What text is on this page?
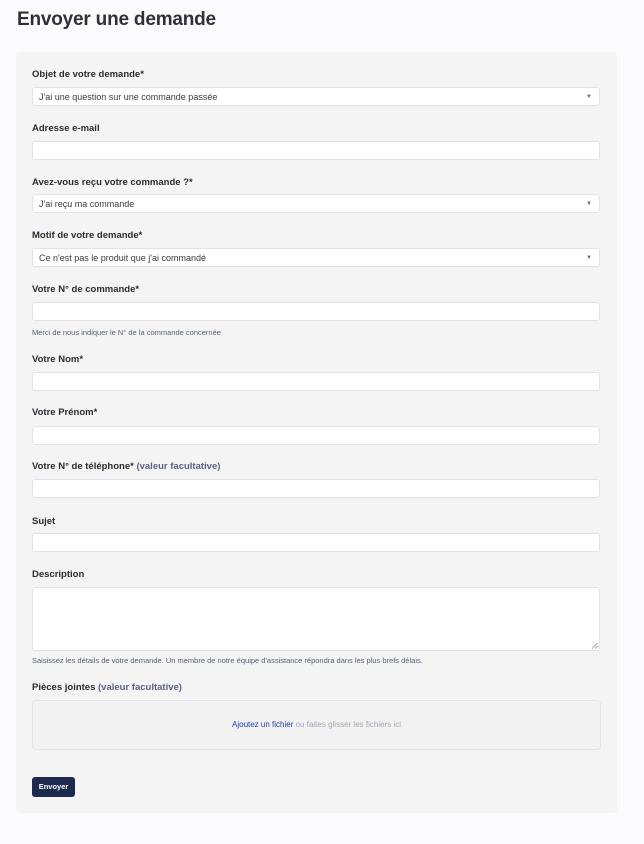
Envoyer une demande
Objet de votre demande*
J'ai une question sur une commande passée	▼
Adresse e-mail
Avez-vous reçu votre commande ?*
J'ai reçu ma commande	▼
Motif de votre demande*
Ce n'est pas le produit que j'ai commandé	▼
Votre N° de commande*
Merci de nous indiquer le N° de la commande concernée
Votre Nom*
Votre Prénom*
Votre N° de téléphone* (valeur facultative)
Sujet
Description
Saisissez les détails de votre demande. Un membre de notre équipe d'assistance répondra dans les plus brefs délais.
Pièces jointes (valeur facultative)
Ajoutez un fichier ou faites glisser les fichiers ici
Envoyer
